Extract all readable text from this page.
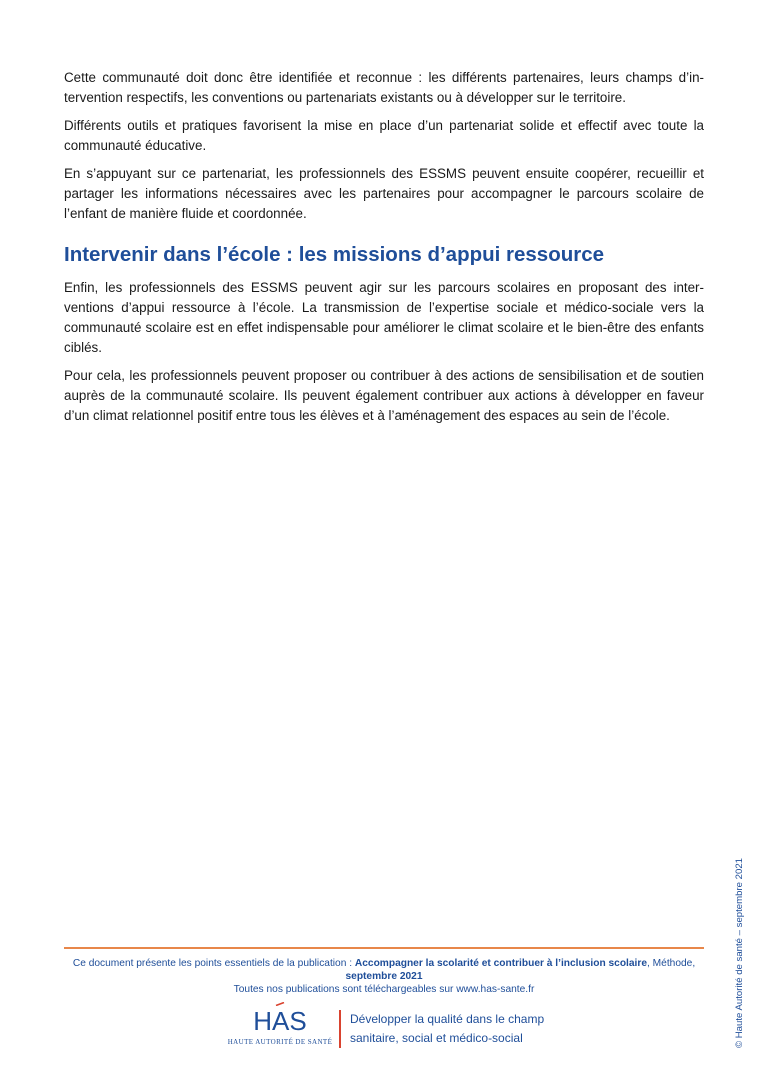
Cette communauté doit donc être identifiée et reconnue : les différents partenaires, leurs champs d’intervention respectifs, les conventions ou partenariats existants ou à développer sur le territoire.

Différents outils et pratiques favorisent la mise en place d’un partenariat solide et effectif avec toute la communauté éducative.

En s’appuyant sur ce partenariat, les professionnels des ESSMS peuvent ensuite coopérer, recueillir et partager les informations nécessaires avec les partenaires pour accompagner le parcours scolaire de l’enfant de manière fluide et coordonnée.

Intervenir dans l’école : les missions d’appui ressource

Enfin, les professionnels des ESSMS peuvent agir sur les parcours scolaires en proposant des interventions d’appui ressource à l’école. La transmission de l’expertise sociale et médico-sociale vers la communauté scolaire est en effet indispensable pour améliorer le climat scolaire et le bien-être des enfants ciblés.

Pour cela, les professionnels peuvent proposer ou contribuer à des actions de sensibilisation et de soutien auprès de la communauté scolaire. Ils peuvent également contribuer aux actions à développer en faveur d’un climat relationnel positif entre tous les élèves et à l’aménagement des espaces au sein de l’école.

Ce document présente les points essentiels de la publication : Accompagner la scolarité et contribuer à l’inclusion scolaire, Méthode,
septembre 2021
Toutes nos publications sont téléchargeables sur www.has-sante.fr
HAS
HAUTE AUTORITÉ DE SANTÉ
Développer la qualité dans le champ
sanitaire, social et médico-social	© Haute Autorité de santé – septembre 2021
